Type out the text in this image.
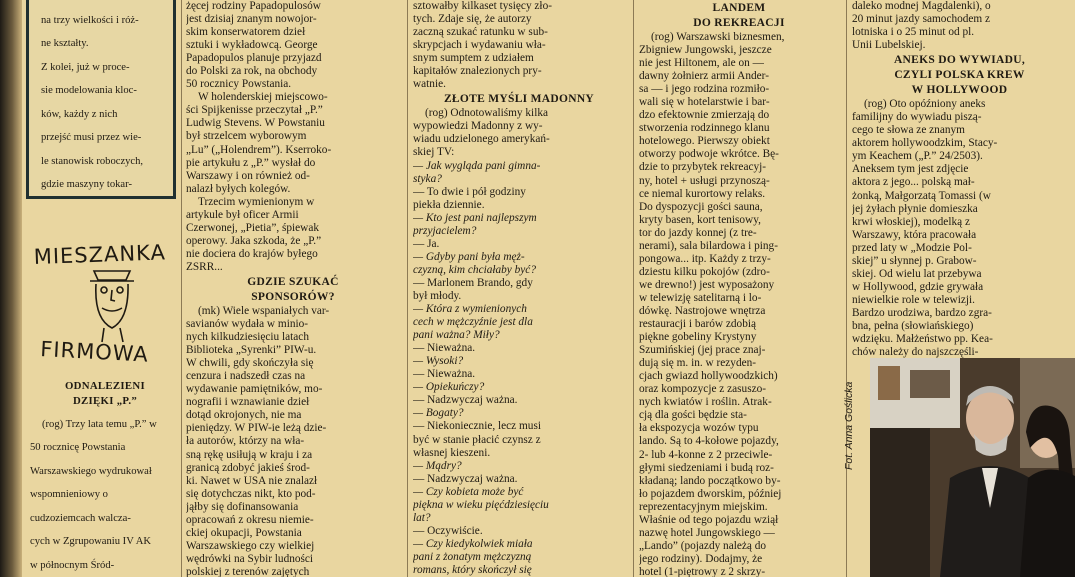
na trzy wielkości i róż-

ne kształty.

Z kolei, już w proce-

sie modelowania kloc-

ków, każdy z nich

przejść musi przez wie-

le stanowisk roboczych,

gdzie maszyny tokar-

MIESZANKA
FIRMOWA
ODNALEZIENI
DZIĘKI „P.”

(rog) Trzy lata temu „P.” w

50 rocznicę Powstania

Warszawskiego wydrukował

wspomnieniowy o

cudzoziemcach walcza-

cych w Zgrupowaniu IV AK

w północnym Śród-

żęcej rodziny Papadopulosów

jest dzisiaj znanym nowojor-

skim konserwatorem dzieł

sztuki i wykładowcą. George

Papadopulos planuje przyjazd

do Polski za rok, na obchody

50 rocznicy Powstania.

W holenderskiej miejscowo-

ści Spijkenisse przeczytał „P.”

Ludwig Stevens. W Powstaniu

był strzelcem wyborowym

„Lu” („Holendrem”). Kserroko-

pie artykułu z „P.” wysłał do

Warszawy i on również od-

nalazł byłych kolegów.

Trzecim wymienionym w

artykule był oficer Armii

Czerwonej, „Pietia”, śpiewak

operowy. Jaka szkoda, że „P.”

nie dociera do krajów byłego

ZSRR...

GDZIE SZUKAĆ
SPONSORÓW?

(mk) Wiele wspaniałych var-

savianów wydała w minio-

nych kilkudziesięciu latach

Biblioteka „Syrenki” PIW-u.

W chwili, gdy skończyła się

cenzura i nadszedł czas na

wydawanie pamiętników, mo-

nografii i wznawianie dzieł

dotąd okrojonych, nie ma

pieniędzy. W PIW-ie leżą dzie-

ła autorów, którzy na wła-

sną rękę usiłują w kraju i za

granicą zdobyć jakieś środ-

ki. Nawet w USA nie znalazł

się dotychczas nikt, kto pod-

jąłby się dofinansowania

opracowań z okresu niemie-

ckiej okupacji, Powstania

Warszawskiego czy wielkiej

wędrówki na Sybir ludności

polskiej z terenów zajętych

sztowałby kilkaset tysięcy zło-

tych. Zdaje się, że autorzy

zaczną szukać ratunku w sub-

skrypcjach i wydawaniu wła-

snym sumptem z udziałem

kapitałów znalezionych pry-

watnie.

ZŁOTE MYŚLI MADONNY

(rog) Odnotowaliśmy kilka

wypowiedzi Madonny z wy-

wiadu udzielonego amerykań-

skiej TV:

— Jak wygląda pani gimna-

styka?

— To dwie i pół godziny

piekła dziennie.

— Kto jest pani najlepszym

przyjacielem?

— Ja.

— Gdyby pani była męż-

czyzną, kim chciałaby być?

— Marlonem Brando, gdy

był młody.

— Która z wymienionych

cech w mężczyźnie jest dla

pani ważna? Miły?

— Nieważna.

— Wysoki?

— Nieważna.

— Opiekuńczy?

— Nadzwyczaj ważna.

— Bogaty?

— Niekoniecznie, lecz musi

być w stanie płacić czynsz z

własnej kieszeni.

— Mądry?

— Nadzwyczaj ważna.

— Czy kobieta może być

piękna w wieku pięćdziesięciu

lat?

— Oczywiście.

— Czy kiedykolwiek miała

pani z żonatym mężczyzną

romans, który skończył się

LANDEM
DO REKREACJI

(rog) Warszawski biznesmen,

Zbigniew Jungowski, jeszcze

nie jest Hiltonem, ale on —

dawny żołnierz armii Ander-

sa — i jego rodzina rozmiło-

wali się w hotelarstwie i bar-

dzo efektownie zmierzają do

stworzenia rodzinnego klanu

hotelowego. Pierwszy obiekt

otworzy podwoje wkrótce. Bę-

dzie to przybytek rekreacyj-

ny, hotel + usługi przynoszą-

ce niemal kurortowy relaks.

Do dyspozycji gości sauna,

kryty basen, kort tenisowy,

tor do jazdy konnej (z tre-

nerami), sala bilardowa i ping-

pongowa... itp. Każdy z trzy-

dziestu kilku pokojów (zdro-

we drewno!) jest wyposażony

w telewizję satelitarną i lo-

dówkę. Nastrojowe wnętrza

restauracji i barów zdobią

piękne gobeliny Krystyny

Szumińskiej (jej prace znaj-

dują się m. in. w rezyden-

cjach gwiazd hollywoodzkich)

oraz kompozycje z zasuszo-

nych kwiatów i roślin. Atrak-

cją dla gości będzie sta-

ła ekspozycja wozów typu

lando. Są to 4-kołowe pojazdy,

2- lub 4-konne z 2 przeciwle-

głymi siedzeniami i budą roz-

kładaną; lando początkowo by-

ło pojazdem dworskim, później

reprezentacyjnym miejskim.

Właśnie od tego pojazdu wziął

nazwę hotel Jungowskiego —

„Lando” (pojazdy należą do

jego rodziny). Dodajmy, że

hotel (1-piętrowy z 2 skrzy-

daleko modnej Magdalenki), o

20 minut jazdy samochodem z

lotniska i o 25 minut od pl.

Unii Lubelskiej.

ANEKS DO WYWIADU,
CZYLI POLSKA KREW
W HOLLYWOOD

(rog) Oto opóźniony aneks

familijny do wywiadu piszą-

cego te słowa ze znanym

aktorem hollywoodzkim, Stacy-

ym Keachem („P.” 24/2503).

Aneksem tym jest zdjęcie

aktora z jego... polską mał-

żonką, Małgorzatą Tomassi (w

jej żyłach płynie domieszka

krwi włoskiej), modelką z

Warszawy, która pracowała

przed laty w „Modzie Pol-

skiej” u słynnej p. Grabow-

skiej. Od wielu lat przebywa

w Hollywood, gdzie grywała

niewielkie role w telewizji.

Bardzo urodziwa, bardzo zgra-

bna, pełna (słowiańskiego)

wdzięku. Małżeństwo pp. Kea-

chów należy do najszczęśli-

Fot. Anna Goślicka
